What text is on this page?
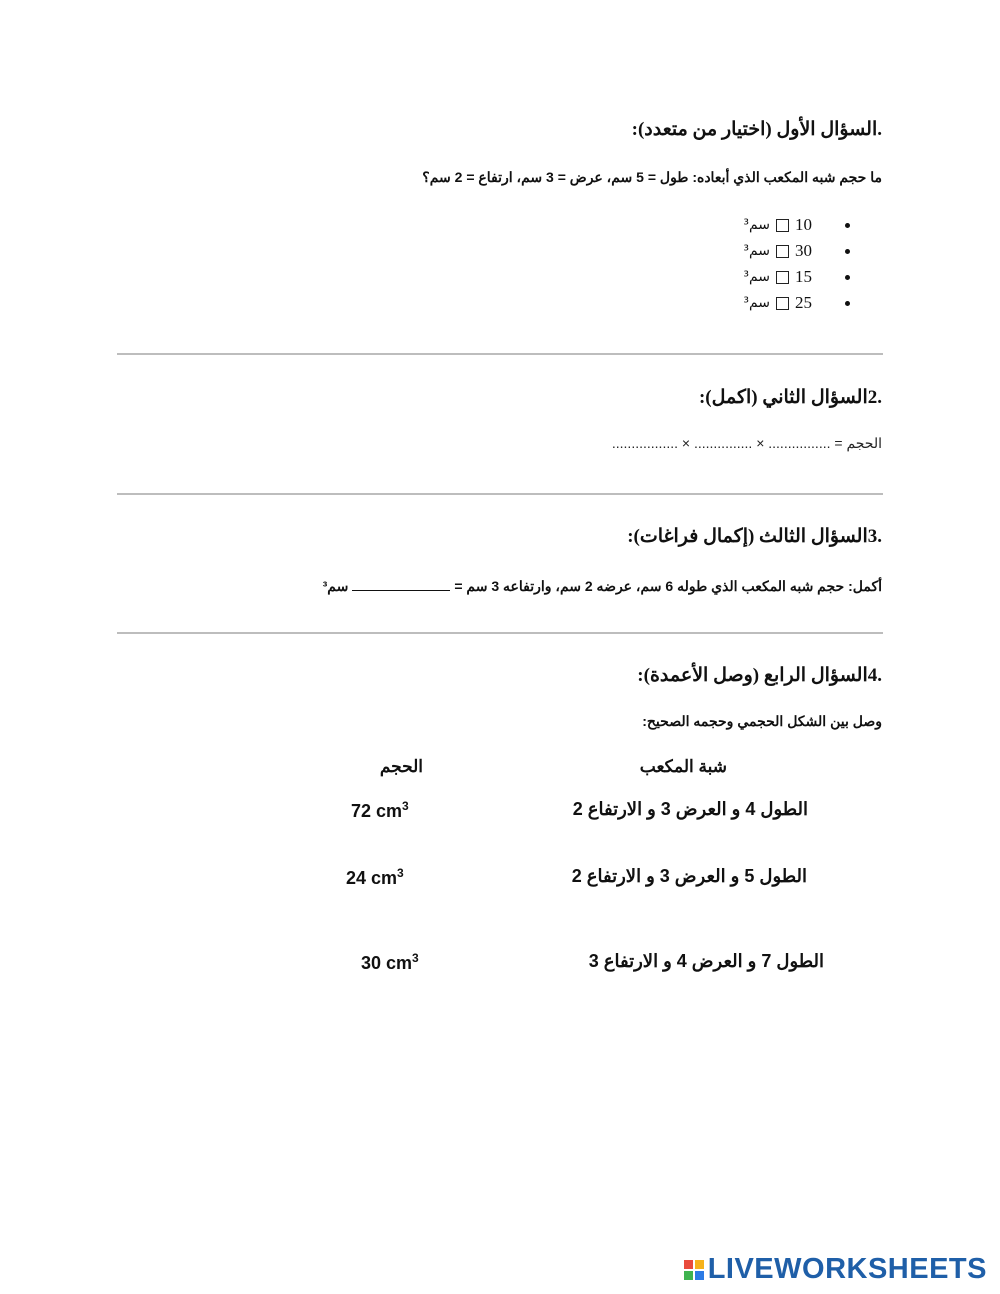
.السؤال الأول (اختيار من متعدد):
ما حجم شبه المكعب الذي أبعاده: طول = 5 سم، عرض = 3 سم، ارتفاع = 2 سم؟
سم³ 10
سم³ 30
سم³ 15
سم³ 25
.2السؤال الثاني (اكمل):
الحجم = ................ × ............... × .................
.3السؤال الثالث (إكمال فراغات):
أكمل: حجم شبه المكعب الذي طوله 6 سم، عرضه 2 سم، وارتفاعه 3 سم =
سم³
.4السؤال الرابع (وصل الأعمدة):
وصل بين الشكل الحجمي وحجمه الصحيح:
شبة المكعب
الحجم
الطول 4 و العرض 3 و الارتفاع 2
72 $cm^3$
الطول 5 و العرض 3 و الارتفاع 2
24 $cm^3$
الطول 7 و العرض 4 و الارتفاع 3
30 $cm^3$
LIVEWORKSHEETS
